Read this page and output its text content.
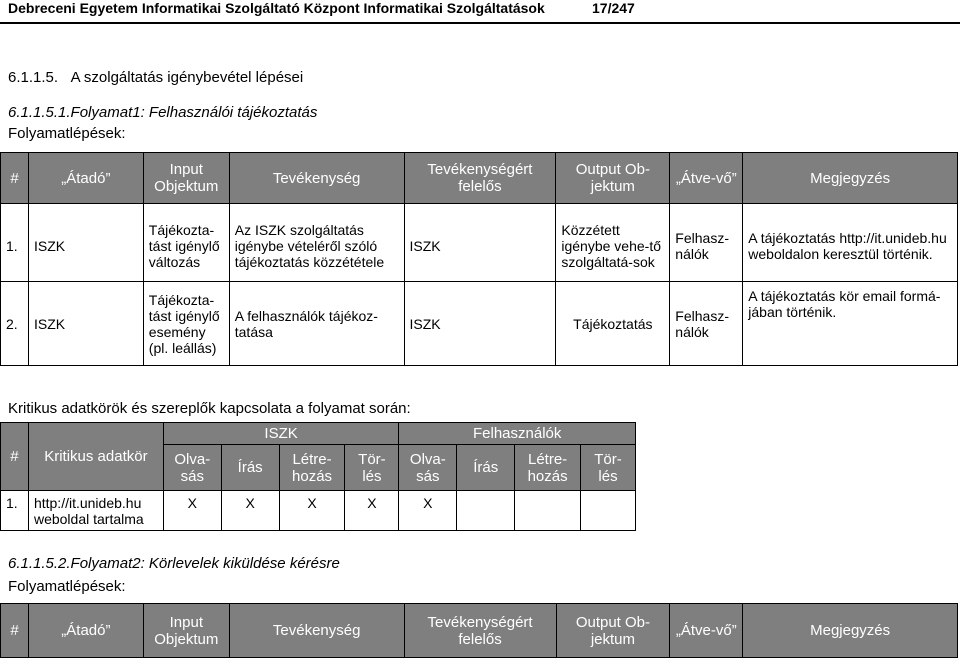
Debreceni Egyetem Informatikai Szolgáltató Központ Informatikai Szolgáltatások	17/247
6.1.1.5. A szolgáltatás igénybevétel lépései
6.1.1.5.1.Folyamat1: Felhasználói tájékoztatás
Folyamatlépések:
#	„Átadó”	Input Objektum	Tevékenység	Tevékenységért felelős	Output Ob-jektum	„Átve-vő”	Megjegyzés

1.	ISZK	Tájékozta-tást igénylő változás	Az ISZK szolgáltatás igénybe vételéről szóló tájékoztatás közzététele	ISZK	Közzétett igénybe vehe-tő szolgáltatá-sok	Felhasz-nálók	A tájékoztatás http://it.unideb.hu weboldalon keresztül történik.
2.	ISZK	Tájékozta-tást igénylő esemény (pl. leállás)	A felhasználók tájékoz-tatása	ISZK	Tájékoztatás	Felhasz-nálók	A tájékoztatás kör email formá-jában történik.
Kritikus adatkörök és szereplők kapcsolata a folyamat során:
#	Kritikus adatkör	ISZK				Felhasználók			
		Olva-sás	Írás	Létre-hozás	Tör-lés	Olva-sás	Írás	Létre-hozás	Tör-lés
1.	http://it.unideb.hu weboldal tartalma	X	X	X	X	X			
6.1.1.5.2.Folyamat2: Körlevelek kiküldése kérésre
Folyamatlépések:
#	„Átadó”	Input Objektum	Tevékenység	Tevékenységért felelős	Output Ob-jektum	„Átve-vő”	Megjegyzés
